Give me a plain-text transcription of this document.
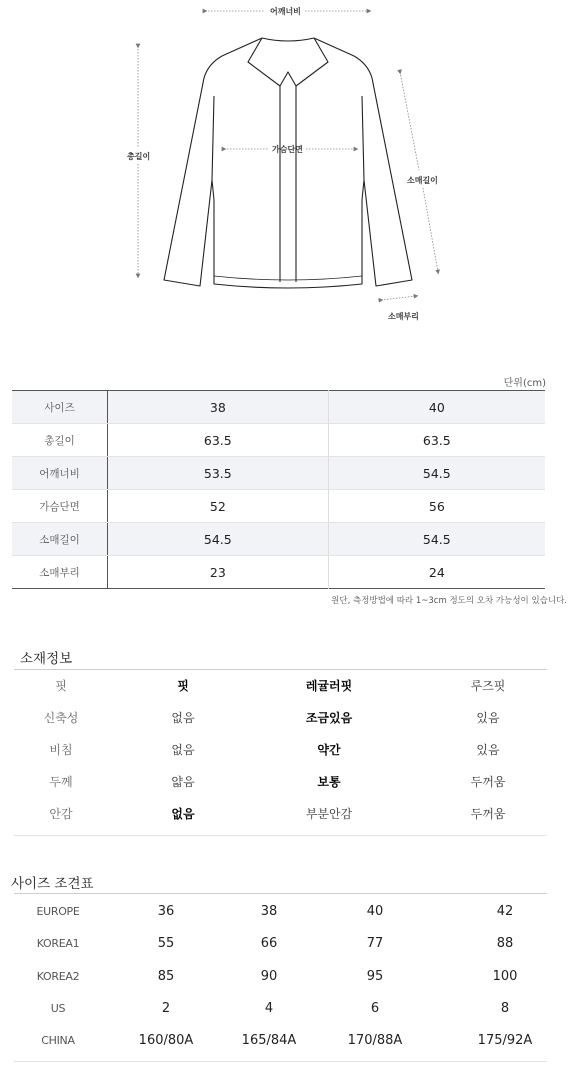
어깨너비
총길이
가슴단면
소매길이
소매부리
단위(cm)
사이즈	38	40
총길이	63.5	63.5
어깨너비	53.5	54.5
가슴단면	52	56
소매길이	54.5	54.5
소매부리	23	24
원단, 측정방법에 따라 1~3cm 정도의 오차 가능성이 있습니다.
소재정보
핏	핏	레귤러핏	루즈핏
신축성	없음	조금있음	있음
비침	없음	약간	있음
두께	얇음	보통	두꺼움
안감	없음	부분안감	두꺼움
사이즈 조견표
EUROPE	36	38	40	42
KOREA1	55	66	77	88
KOREA2	85	90	95	100
US	2	4	6	8
CHINA	160/80A	165/84A	170/88A	175/92A
